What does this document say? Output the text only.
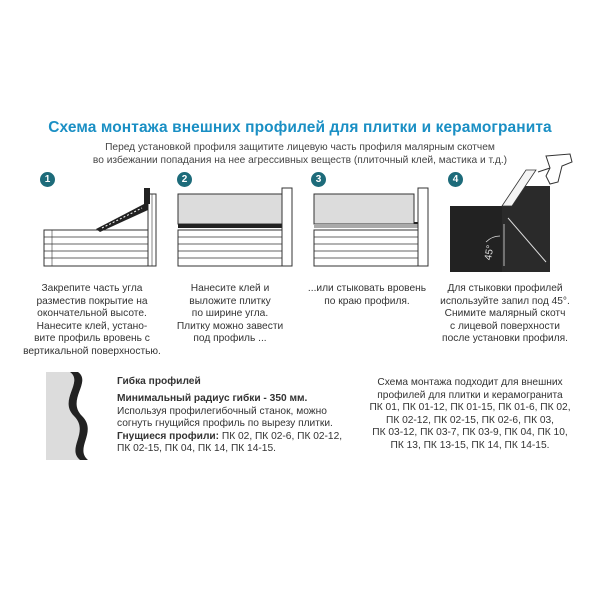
Схема монтажа внешних профилей для плитки и керамогранита
Перед установкой профиля защитите лицевую часть профиля малярным скотчем
во избежании попадания на нее агрессивных веществ (плиточный клей, мастика и т.д.)
1	2	3	4
45°
Закрепите часть угла
разместив покрытие на
окончательной высоте.
Нанесите клей, устано-
вите профиль вровень с
вертикальной поверхностью.
Нанесите клей и
выложите плитку
по ширине угла.
Плитку можно завести
под профиль ...
...или стыковать вровень
по краю профиля.
Для стыковки профилей
используйте запил под 45°.
Снимите малярный скотч
с лицевой поверхности
после установки профиля.
Гибка профилей
Минимальный радиус гибки - 350 мм.
Используя профилегибочный станок, можно
согнуть гнущийся профиль по вырезу плитки.
Гнущиеся профили: ПК 02, ПК 02-6, ПК 02-12,
ПК 02-15, ПК 04, ПК 14, ПК 14-15.
Схема монтажа подходит для внешних
профилей для плитки и керамогранита
ПК 01, ПК 01-12, ПК 01-15, ПК 01-6, ПК 02,
ПК 02-12, ПК 02-15, ПК 02-6, ПК 03,
ПК 03-12, ПК 03-7, ПК 03-9, ПК 04, ПК 10,
ПК 13, ПК 13-15, ПК 14, ПК 14-15.
